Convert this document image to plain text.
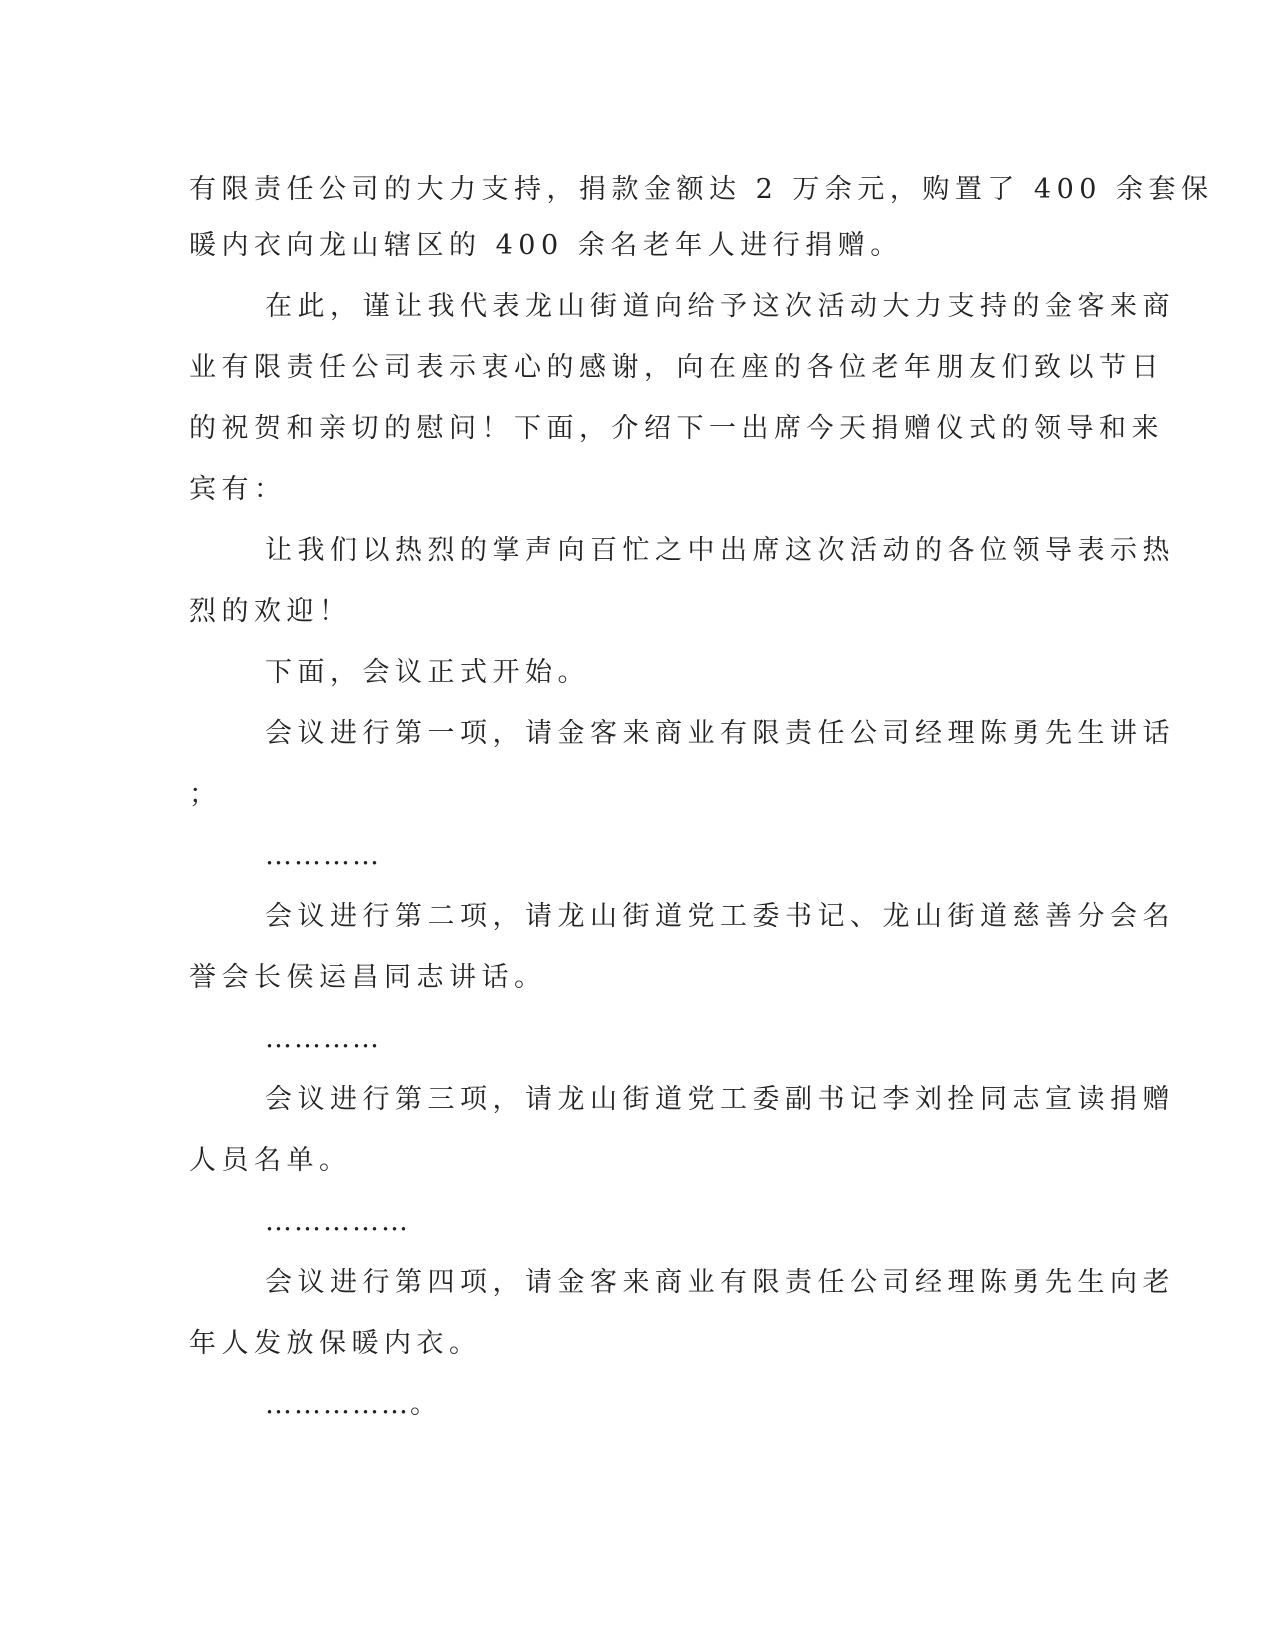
有限责任公司的大力支持，捐款金额达 2 万余元，购置了 400 余套保
暖内衣向龙山辖区的 400 余名老年人进行捐赠。
在此，谨让我代表龙山街道向给予这次活动大力支持的金客来商
业有限责任公司表示衷心的感谢，向在座的各位老年朋友们致以节日
的祝贺和亲切的慰问！下面，介绍下一出席今天捐赠仪式的领导和来
宾有：
让我们以热烈的掌声向百忙之中出席这次活动的各位领导表示热
烈的欢迎！
下面，会议正式开始。
会议进行第一项，请金客来商业有限责任公司经理陈勇先生讲话
；
…………
会议进行第二项，请龙山街道党工委书记、龙山街道慈善分会名
誉会长侯运昌同志讲话。
…………
会议进行第三项，请龙山街道党工委副书记李刘拴同志宣读捐赠
人员名单。
……………
会议进行第四项，请金客来商业有限责任公司经理陈勇先生向老
年人发放保暖内衣。
……………。
